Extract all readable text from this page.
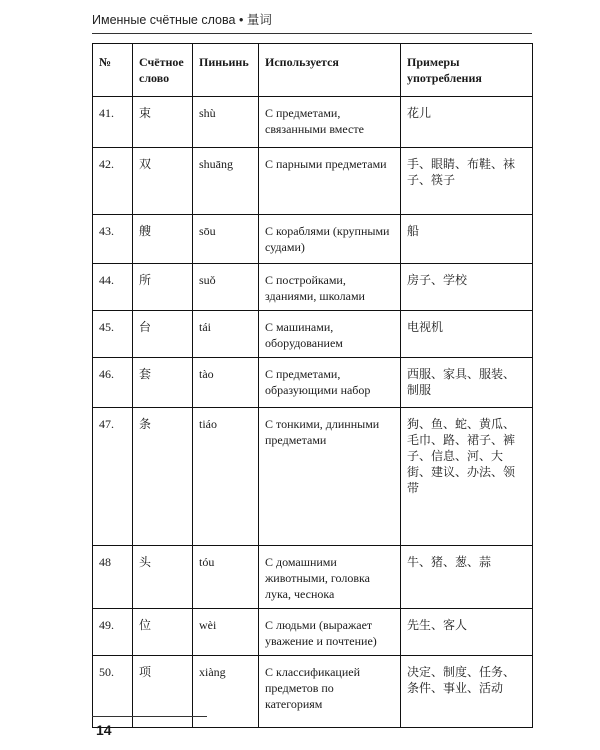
Именные счётные слова • 量词
№	Счётное слово	Пиньинь	Используется	Примеры употребления
41.	束	shù	С предметами, связанными вместе	花儿
42.	双	shuāng	С парными предметами	手、眼睛、布鞋、袜子、筷子
43.	艘	sōu	С кораблями (крупными судами)	船
44.	所	suǒ	С постройками, зданиями, школами	房子、学校
45.	台	tái	С машинами, оборудованием	电视机
46.	套	tào	С предметами, образующими набор	西服、家具、服装、制服
47.	条	tiáo	С тонкими, длинными предметами	狗、鱼、蛇、黄瓜、毛巾、路、裙子、裤子、信息、河、大街、建议、办法、领带
48	头	tóu	С домашними животными, головка лука, чеснока	牛、猪、葱、蒜
49.	位	wèi	С людьми (выражает уважение и почтение)	先生、客人
50.	项	xiàng	С классификацией предметов по категориям	决定、制度、任务、条件、事业、活动
14
